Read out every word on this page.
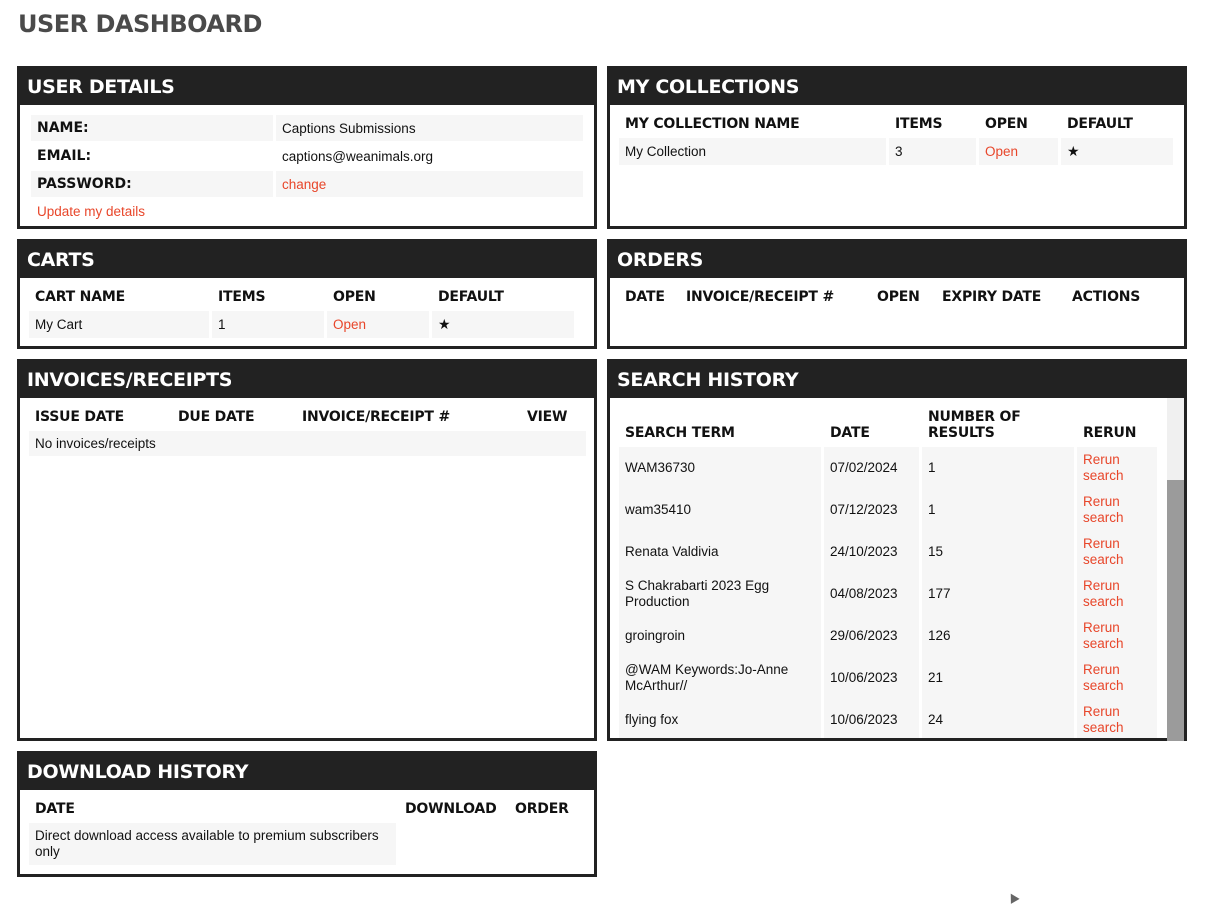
USER DASHBOARD
USER DETAILS
NAME:	Captions Submissions
EMAIL:	captions@weanimals.org
PASSWORD:	change
Update my details	
MY COLLECTIONS
MY COLLECTION NAME	ITEMS	OPEN	DEFAULT
My Collection	3	Open	★
CARTS
CART NAME	ITEMS	OPEN	DEFAULT
My Cart	1	Open	★
ORDERS
DATE	INVOICE/RECEIPT #	OPEN	EXPIRY DATE	ACTIONS
INVOICES/RECEIPTS
ISSUE DATE	DUE DATE	INVOICE/RECEIPT #	VIEW
No invoices/receipts
SEARCH HISTORY
SEARCH TERM	DATE	NUMBER OF RESULTS	RERUN
WAM36730	07/02/2024	1	Rerun search
wam35410	07/12/2023	1	Rerun search
Renata Valdivia	24/10/2023	15	Rerun search
S Chakrabarti 2023 Egg Production	04/08/2023	177	Rerun search
groingroin	29/06/2023	126	Rerun search
@WAM Keywords:Jo-Anne McArthur//	10/06/2023	21	Rerun search
flying fox	10/06/2023	24	Rerun search
DOWNLOAD HISTORY
DATE	DOWNLOAD	ORDER
Direct download access available to premium subscribers only		
